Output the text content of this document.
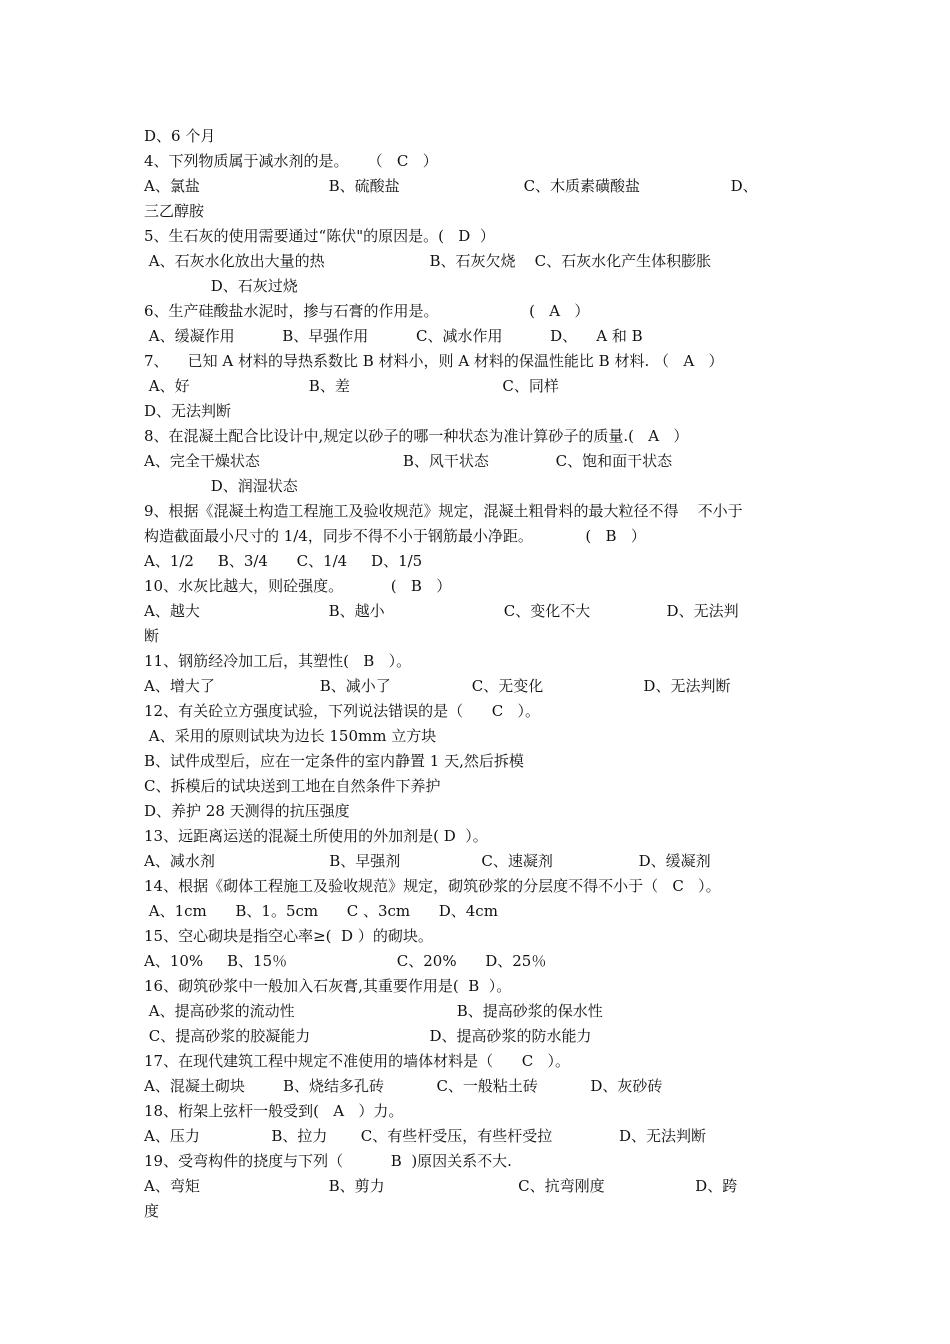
D、6 个月
4、下列物质属于减水剂的是。    （   C   ）
A、氯盐                           B、硫酸盐                          C、木质素磺酸盐                   D、
三乙醇胺
5、生石灰的使用需要通过“陈伏"的原因是。(   D  ）
A、石灰水化放出大量的热                      B、石灰欠烧    C、石灰水化产生体积膨胀
D、石灰过烧
6、生产硅酸盐水泥时，掺与石膏的作用是。                   (   A   ）
A、缓凝作用          B、早强作用          C、减水作用          D、    A 和 B
7、    已知 A 材料的导热系数比 B 材料小，则 A 材料的保温性能比 B 材料. （   A   ）
A、好                         B、差                                C、同样
D、无法判断
8、在混凝土配合比设计中,规定以砂子的哪一种状态为准计算砂子的质量.(   A   ）
A、完全干燥状态                              B、风干状态              C、饱和面干状态
D、润湿状态
9、根据《混凝土构造工程施工及验收规范》规定，混凝土粗骨料的最大粒径不得    不小于
构造截面最小尺寸的 1/4，同步不得不小于钢筋最小净距。           (   B   ）
A、1/2     B、3/4      C、1/4     D、1/5
10、水灰比越大，则砼强度。          (   B   ）
A、越大                           B、越小                         C、变化不大                D、无法判
断
11、钢筋经冷加工后，其塑性(   B   ）。
A、增大了                      B、减小了                 C、无变化                     D、无法判断
12、有关砼立方强度试验，下列说法错误的是（      C   ）。
A、采用的原则试块为边长 150mm 立方块
B、试件成型后，应在一定条件的室内静置 1 天,然后拆模
C、拆模后的试块送到工地在自然条件下养护
D、养护 28 天测得的抗压强度
13、远距离运送的混凝土所使用的外加剂是( D  ）。
A、减水剂                        B、早强剂                 C、速凝剂                  D、缓凝剂
14、根据《砌体工程施工及验收规范》规定，砌筑砂浆的分层度不得不小于（   C   ）。
A、1cm      B、1。5cm      C 、3cm      D、4cm
15、空心砌块是指空心率≥(  D ）的砌块。
A、10%     B、15％                       C、20%      D、25％
16、砌筑砂浆中一般加入石灰膏,其重要作用是(  B  ）。
A、提高砂浆的流动性                                  B、提高砂浆的保水性
C、提高砂浆的胶凝能力                         D、提高砂浆的防水能力
17、在现代建筑工程中规定不准使用的墙体材料是（      C   ）。
A、混凝土砌块        B、烧结多孔砖           C、一般粘土砖           D、灰砂砖
18、桁架上弦杆一般受到(   A   ）力。
A、压力               B、拉力       C、有些杆受压，有些杆受拉              D、无法判断
19、受弯构件的挠度与下列（          B  )原因关系不大.
A、弯矩                           B、剪力                            C、抗弯刚度                   D、跨
度
